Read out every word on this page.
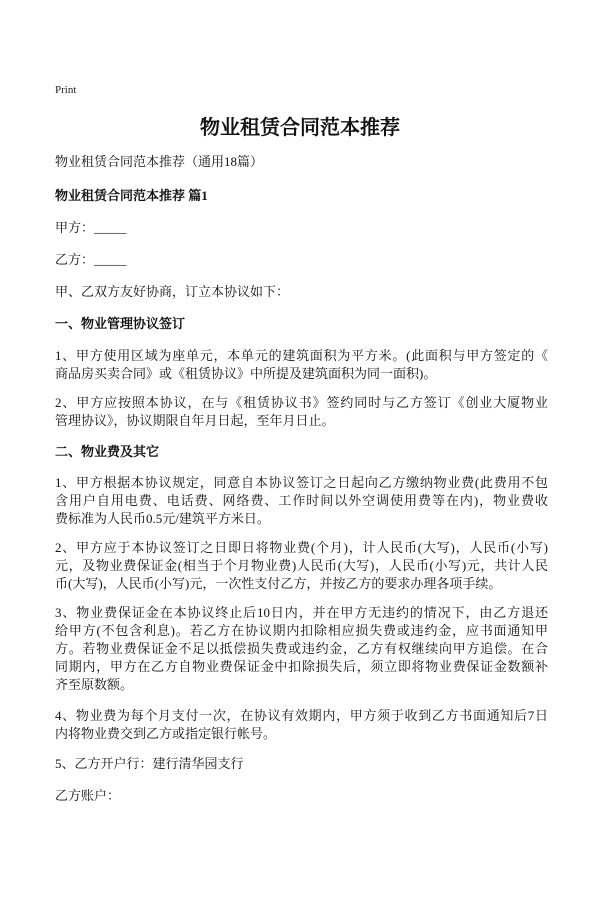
Print
物业租赁合同范本推荐
物业租赁合同范本推荐（通用18篇）
物业租赁合同范本推荐 篇1
甲方：_____
乙方：_____
甲、乙双方友好协商，订立本协议如下：
一、物业管理协议签订
1、甲方使用区域为座单元，本单元的建筑面积为平方米。(此面积与甲方签定的《
商品房买卖合同》或《租赁协议》中所提及建筑面积为同一面积)。
2、甲方应按照本协议，在与《租赁协议书》签约同时与乙方签订《创业大厦物业
管理协议》，协议期限自年月日起，至年月日止。
二、物业费及其它
1、甲方根据本协议规定，同意自本协议签订之日起向乙方缴纳物业费(此费用不包
含用户自用电费、电话费、网络费、工作时间以外空调使用费等在内)，物业费收
费标准为人民币0.5元/建筑平方米日。
2、甲方应于本协议签订之日即日将物业费(个月)，计人民币(大写)，人民币(小写)
元，及物业费保证金(相当于个月物业费)人民币(大写)，人民币(小写)元，共计人民
币(大写)，人民币(小写)元，一次性支付乙方，并按乙方的要求办理各项手续。
3、物业费保证金在本协议终止后10日内，并在甲方无违约的情况下，由乙方退还
给甲方(不包含利息)。若乙方在协议期内扣除相应损失费或违约金，应书面通知甲
方。若物业费保证金不足以抵偿损失费或违约金，乙方有权继续向甲方追偿。在合
同期内，甲方在乙方自物业费保证金中扣除损失后，须立即将物业费保证金数额补
齐至原数额。
4、物业费为每个月支付一次，在协议有效期内，甲方须于收到乙方书面通知后7日
内将物业费交到乙方或指定银行帐号。
5、乙方开户行：建行清华园支行
乙方账户：
